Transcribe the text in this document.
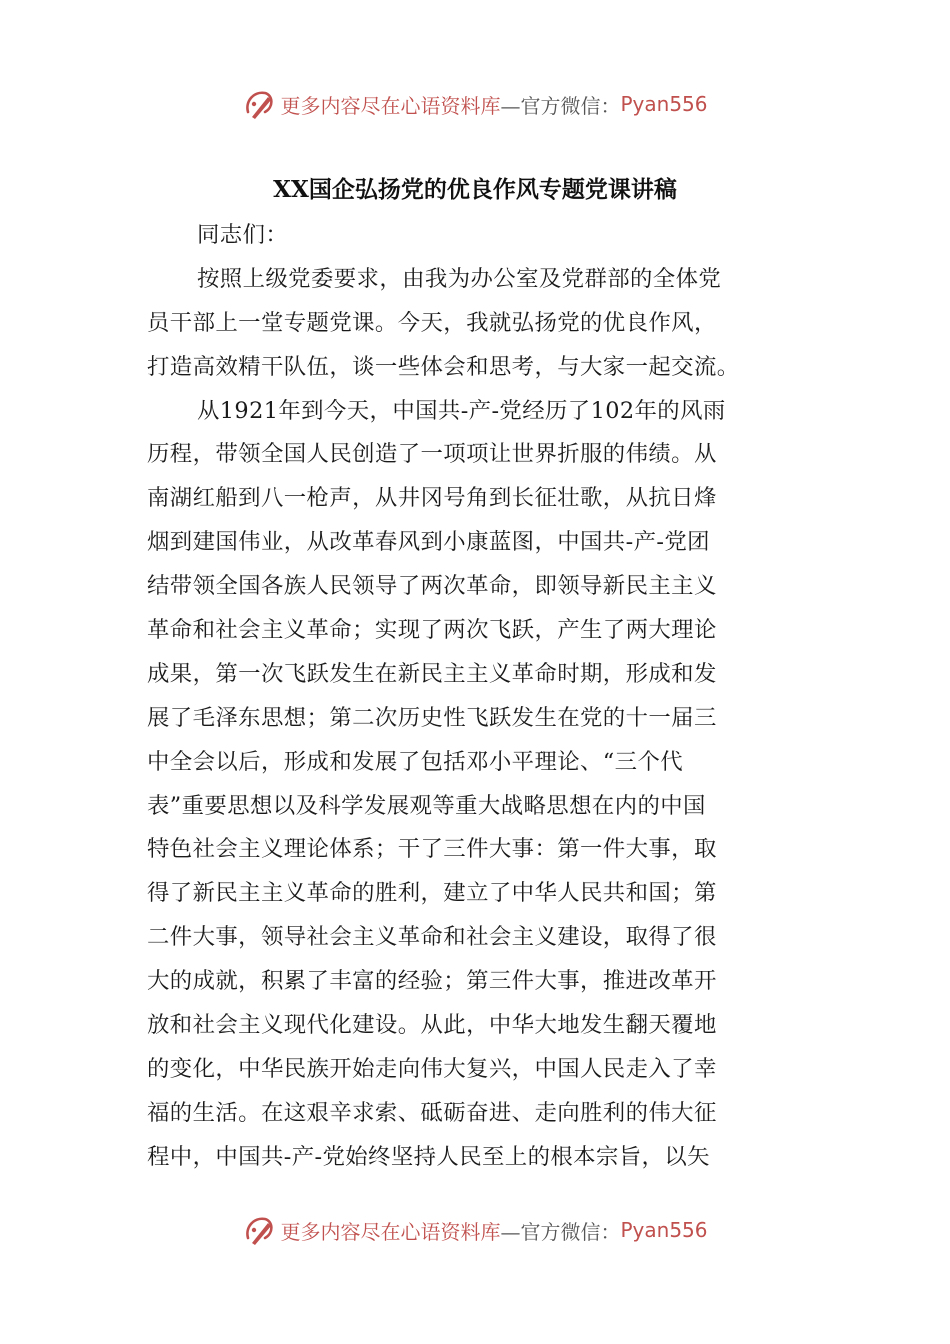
更多内容尽在心语资料库 —官方微信： Pyan556
XX国企弘扬党的优良作风专题党课讲稿
同志们：
按照上级党委要求，由我为办公室及党群部的全体党
员干部上一堂专题党课。今天，我就弘扬党的优良作风，
打造高效精干队伍，谈一些体会和思考，与大家一起交流。
从1921年到今天，中国共-产-党经历了102年的风雨
历程，带领全国人民创造了一项项让世界折服的伟绩。从
南湖红船到八一枪声，从井冈号角到长征壮歌，从抗日烽
烟到建国伟业，从改革春风到小康蓝图，中国共-产-党团
结带领全国各族人民领导了两次革命，即领导新民主主义
革命和社会主义革命；实现了两次飞跃，产生了两大理论
成果，第一次飞跃发生在新民主主义革命时期，形成和发
展了毛泽东思想；第二次历史性飞跃发生在党的十一届三
中全会以后，形成和发展了包括邓小平理论、“三个代
表”重要思想以及科学发展观等重大战略思想在内的中国
特色社会主义理论体系；干了三件大事：第一件大事，取
得了新民主主义革命的胜利，建立了中华人民共和国；第
二件大事，领导社会主义革命和社会主义建设，取得了很
大的成就，积累了丰富的经验；第三件大事，推进改革开
放和社会主义现代化建设。从此，中华大地发生翻天覆地
的变化，中华民族开始走向伟大复兴，中国人民走入了幸
福的生活。在这艰辛求索、砥砺奋进、走向胜利的伟大征
程中，中国共-产-党始终坚持人民至上的根本宗旨，以矢
更多内容尽在心语资料库 —官方微信： Pyan556
